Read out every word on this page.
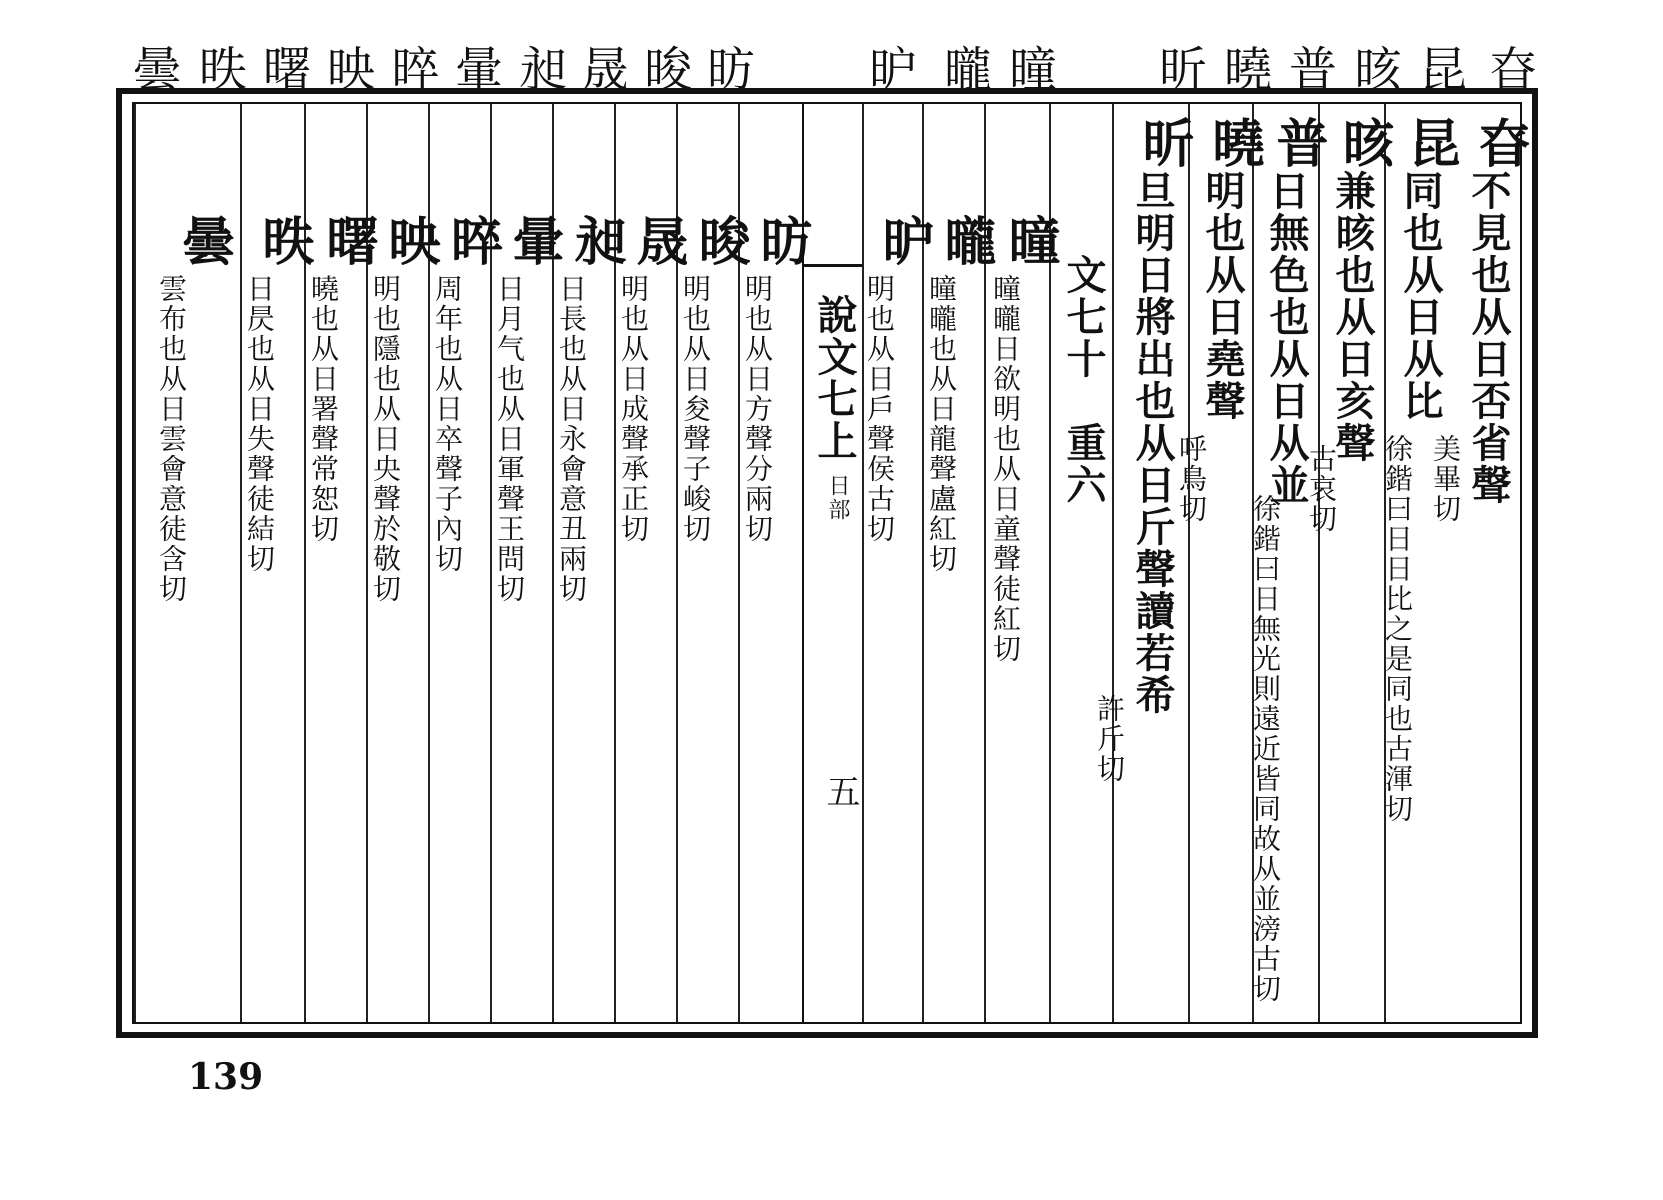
昚
昆
晐
普
曉
昕
曈
曨
昈
昉
晙
晟
昶
暈
晬
映
曙
昳
曇
昚
不見也从日否省聲
美畢切
昆
同也从日从比
徐鍇曰日日比之是同也古渾切
晐
兼晐也从日亥聲
古哀切
普
日無色也从日从並
徐鍇曰日無光則遠近皆同故从並滂古切
曉
明也从日堯聲
呼鳥切
昕
旦明日將出也从日斤聲讀若希
許斤切
文七十　重六
曈
曈曨日欲明也从日童聲徒紅切
曨
曈曨也从日龍聲盧紅切
昈
明也从日戶聲侯古切
說文七上
日部
五
昉
明也从日方聲分兩切
晙
明也从日夋聲子峻切
晟
明也从日成聲承正切
昶
日長也从日永會意丑兩切
暈
日月气也从日軍聲王問切
晬
周年也从日卒聲子內切
映
明也隱也从日央聲於敬切
曙
曉也从日署聲常恕切
昳
日昃也从日失聲徒結切
曇
雲布也从日雲會意徒含切
139
